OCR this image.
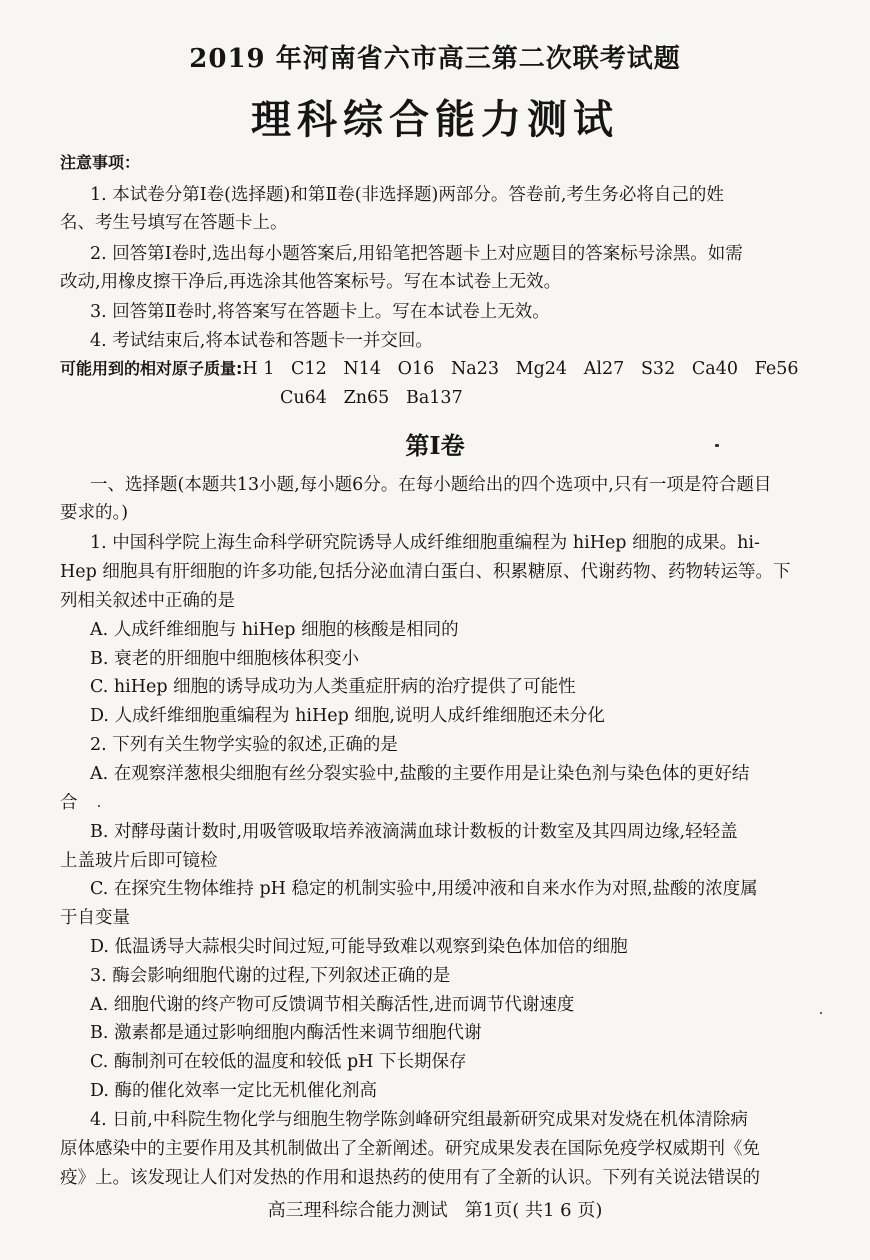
2019 年河南省六市高三第二次联考试题
理科综合能力测试
注意事项：
1. 本试卷分第Ⅰ卷(选择题)和第Ⅱ卷(非选择题)两部分。答卷前,考生务必将自己的姓
名、考生号填写在答题卡上。
2. 回答第Ⅰ卷时,选出每小题答案后,用铅笔把答题卡上对应题目的答案标号涂黑。如需
改动,用橡皮擦干净后,再选涂其他答案标号。写在本试卷上无效。
3. 回答第Ⅱ卷时,将答案写在答题卡上。写在本试卷上无效。
4. 考试结束后,将本试卷和答题卡一并交回。
可能用到的相对原子质量:H 1   C12   N14   O16   Na23   Mg24   Al27   S32   Ca40   Fe56
Cu64   Zn65   Ba137
第Ⅰ卷
一、选择题(本题共13小题,每小题6分。在每小题给出的四个选项中,只有一项是符合题目
要求的。)
1. 中国科学院上海生命科学研究院诱导人成纤维细胞重编程为 hiHep 细胞的成果。hi-
Hep 细胞具有肝细胞的许多功能,包括分泌血清白蛋白、积累糖原、代谢药物、药物转运等。下
列相关叙述中正确的是
A. 人成纤维细胞与 hiHep 细胞的核酸是相同的
B. 衰老的肝细胞中细胞核体积变小
C. hiHep 细胞的诱导成功为人类重症肝病的治疗提供了可能性
D. 人成纤维细胞重编程为 hiHep 细胞,说明人成纤维细胞还未分化
2. 下列有关生物学实验的叙述,正确的是
A. 在观察洋葱根尖细胞有丝分裂实验中,盐酸的主要作用是让染色剂与染色体的更好结
合
B. 对酵母菌计数时,用吸管吸取培养液滴满血球计数板的计数室及其四周边缘,轻轻盖
上盖玻片后即可镜检
C. 在探究生物体维持 pH 稳定的机制实验中,用缓冲液和自来水作为对照,盐酸的浓度属
于自变量
D. 低温诱导大蒜根尖时间过短,可能导致难以观察到染色体加倍的细胞
3. 酶会影响细胞代谢的过程,下列叙述正确的是
A. 细胞代谢的终产物可反馈调节相关酶活性,进而调节代谢速度
B. 激素都是通过影响细胞内酶活性来调节细胞代谢
C. 酶制剂可在较低的温度和较低 pH 下长期保存
D. 酶的催化效率一定比无机催化剂高
4. 日前,中科院生物化学与细胞生物学陈剑峰研究组最新研究成果对发烧在机体清除病
原体感染中的主要作用及其机制做出了全新阐述。研究成果发表在国际免疫学权威期刊《免
疫》上。该发现让人们对发热的作用和退热药的使用有了全新的认识。下列有关说法错误的
高三理科综合能力测试   第1页( 共1 6 页)
